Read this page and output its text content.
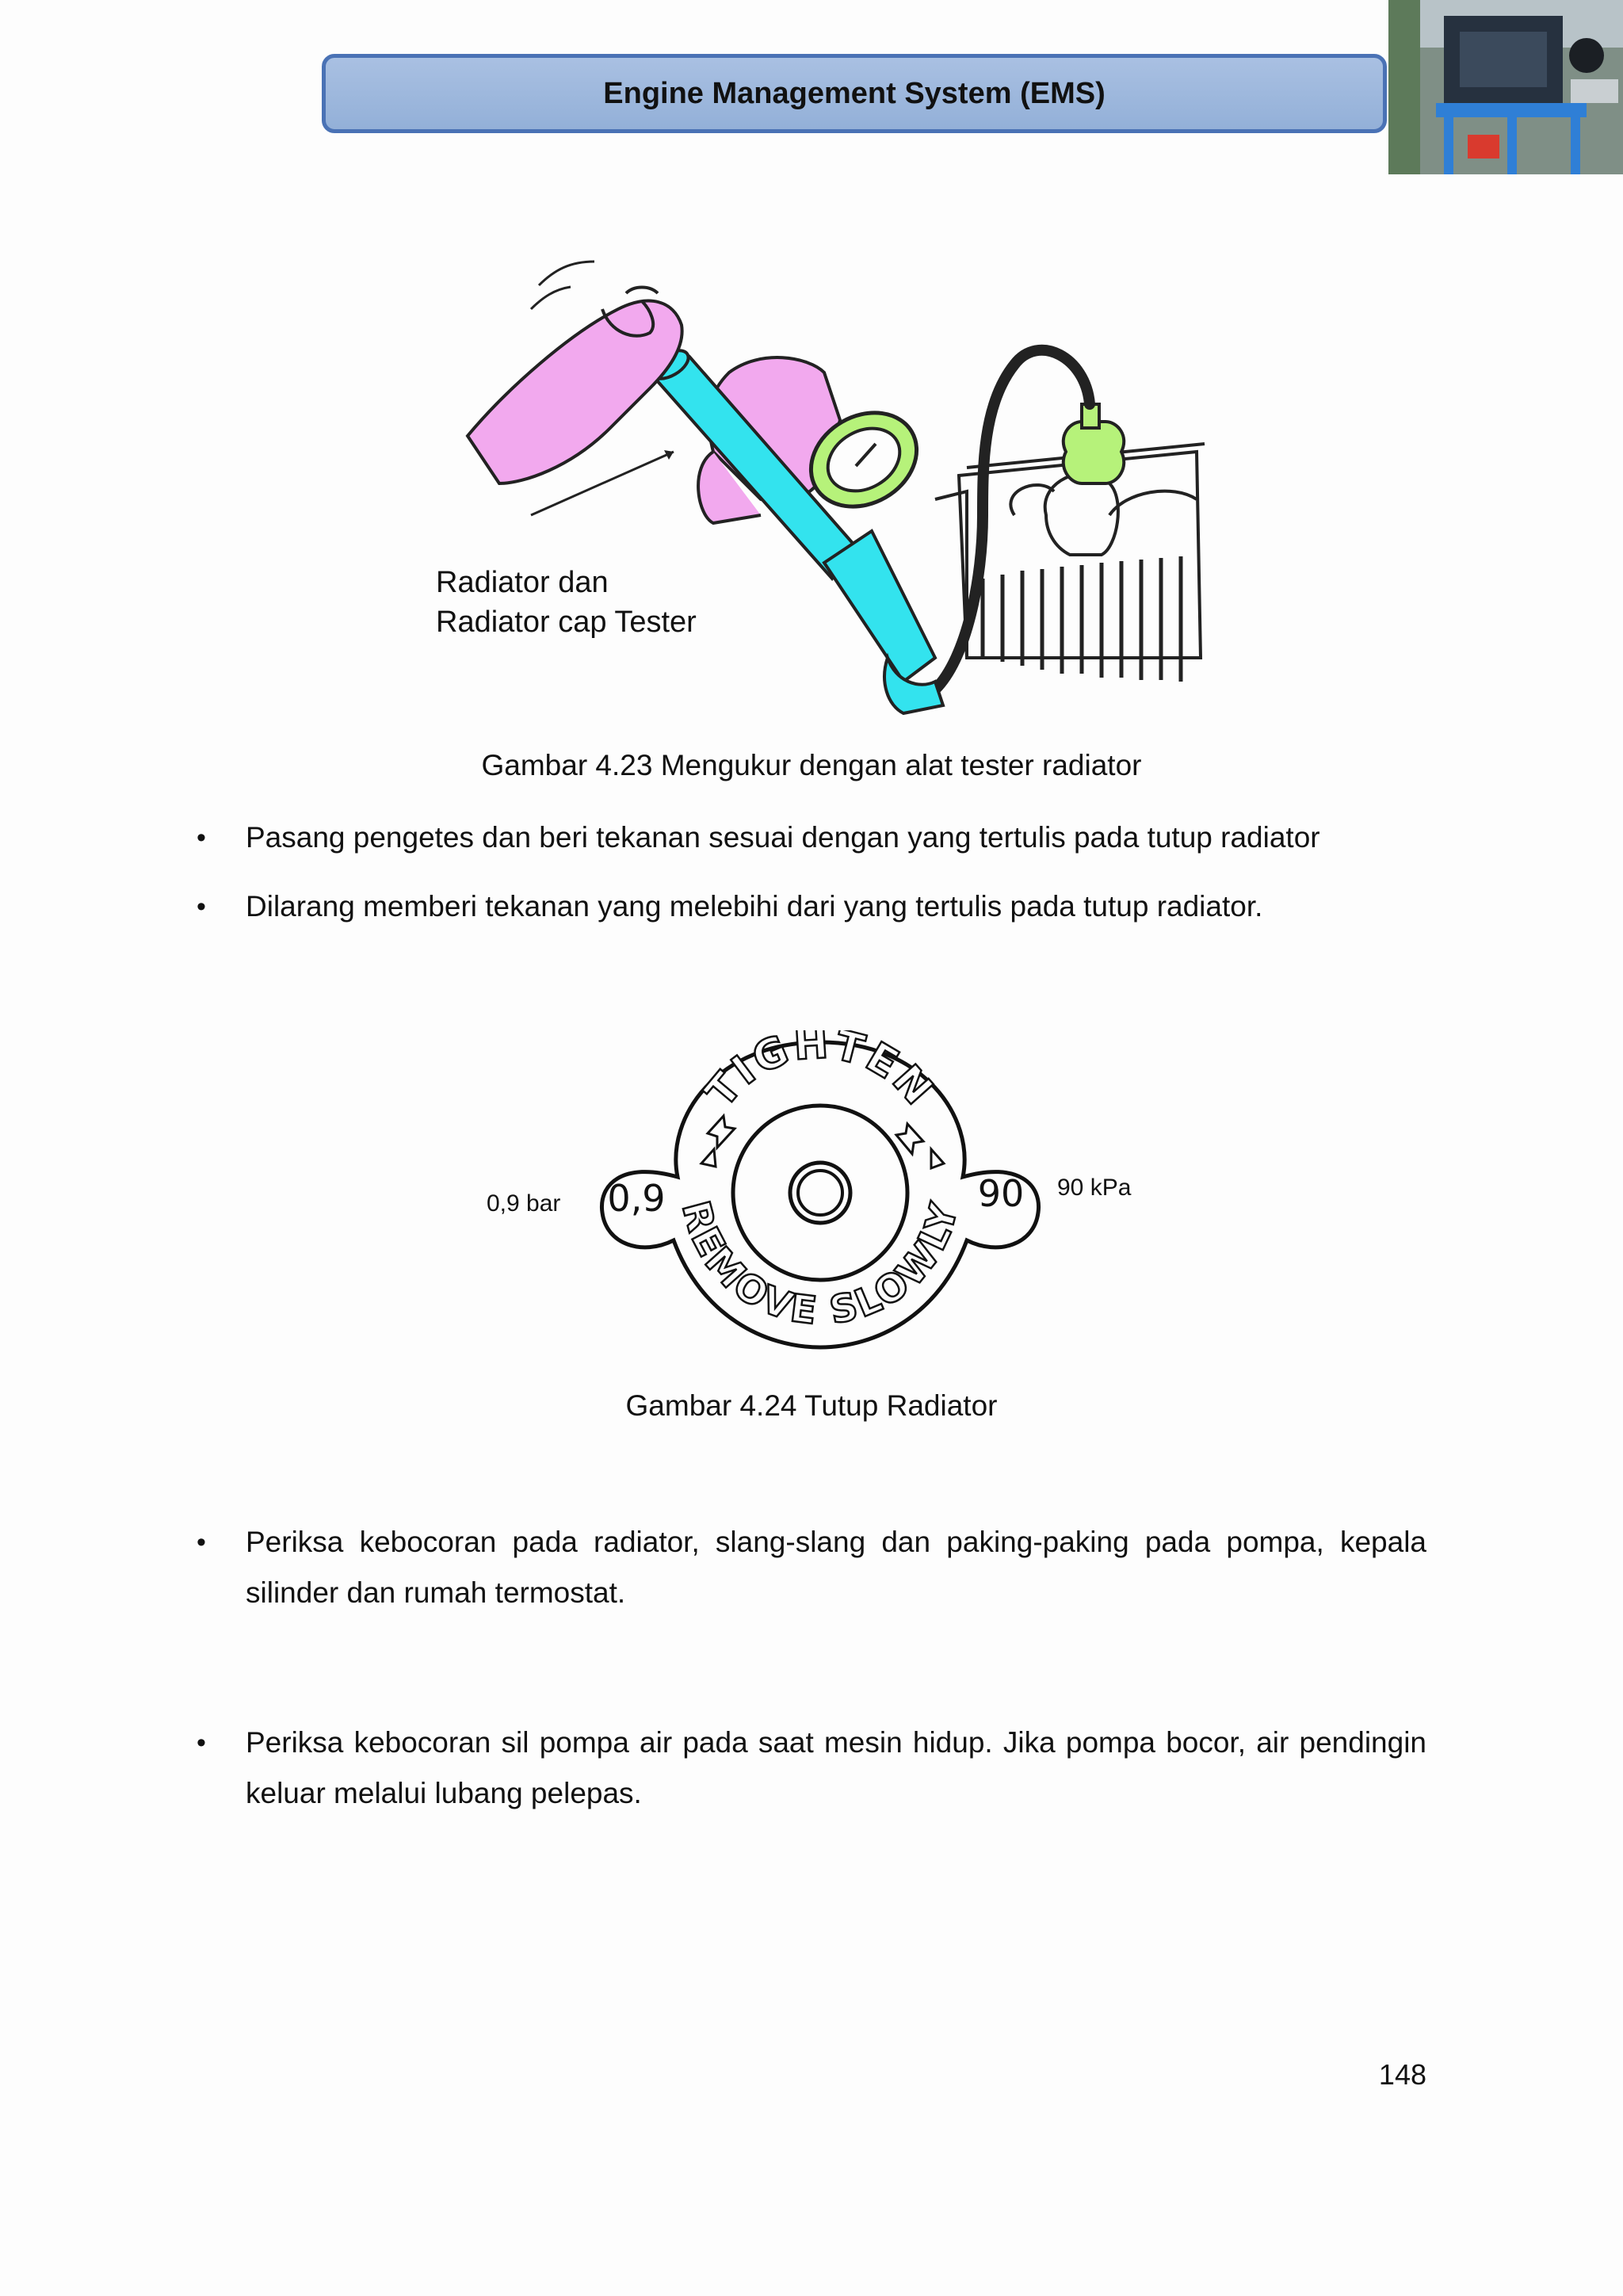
Engine Management System (EMS)
Radiator dan
Radiator cap Tester
Gambar 4.23 Mengukur dengan alat tester radiator
•	Pasang pengetes dan beri tekanan sesuai dengan yang tertulis pada tutup radiator
•	Dilarang memberi tekanan yang melebihi dari yang tertulis pada tutup radiator.
0,9 bar
90 kPa
TIGHTEN
REMOVE SLOWLY
0,9	90
Gambar 4.24 Tutup Radiator
•	Periksa kebocoran pada radiator, slang-slang dan paking-paking pada pompa, kepala silinder dan rumah termostat.
•	Periksa kebocoran sil pompa air pada saat mesin hidup. Jika pompa bocor, air pendingin keluar melalui lubang pelepas.
148
